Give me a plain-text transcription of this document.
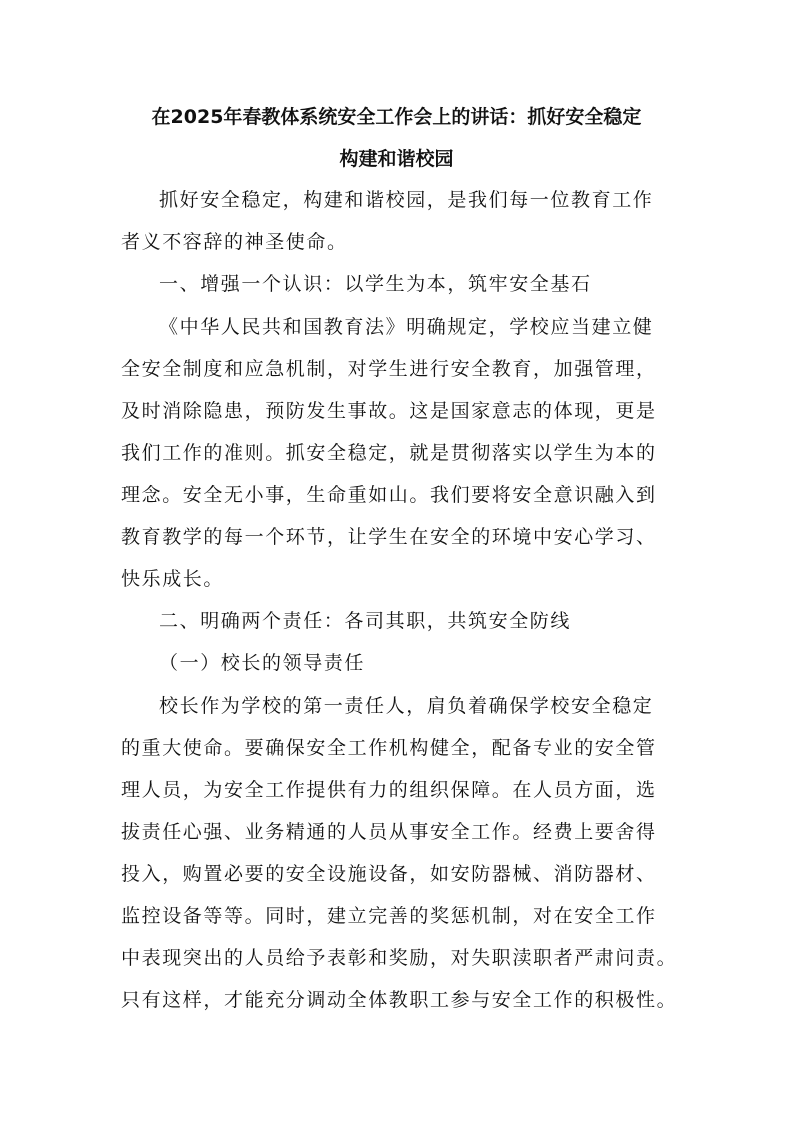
在2025年春教体系统安全工作会上的讲话：抓好安全稳定
构建和谐校园
抓好安全稳定，构建和谐校园，是我们每一位教育工作
者义不容辞的神圣使命。
一、增强一个认识：以学生为本，筑牢安全基石
《中华人民共和国教育法》明确规定，学校应当建立健
全安全制度和应急机制，对学生进行安全教育，加强管理，
及时消除隐患，预防发生事故。这是国家意志的体现，更是
我们工作的准则。抓安全稳定，就是贯彻落实以学生为本的
理念。安全无小事，生命重如山。我们要将安全意识融入到
教育教学的每一个环节，让学生在安全的环境中安心学习、
快乐成长。
二、明确两个责任：各司其职，共筑安全防线
（一）校长的领导责任
校长作为学校的第一责任人，肩负着确保学校安全稳定
的重大使命。要确保安全工作机构健全，配备专业的安全管
理人员，为安全工作提供有力的组织保障。在人员方面，选
拔责任心强、业务精通的人员从事安全工作。经费上要舍得
投入，购置必要的安全设施设备，如安防器械、消防器材、
监控设备等等。同时，建立完善的奖惩机制，对在安全工作
中表现突出的人员给予表彰和奖励，对失职渎职者严肃问责。
只有这样，才能充分调动全体教职工参与安全工作的积极性。
